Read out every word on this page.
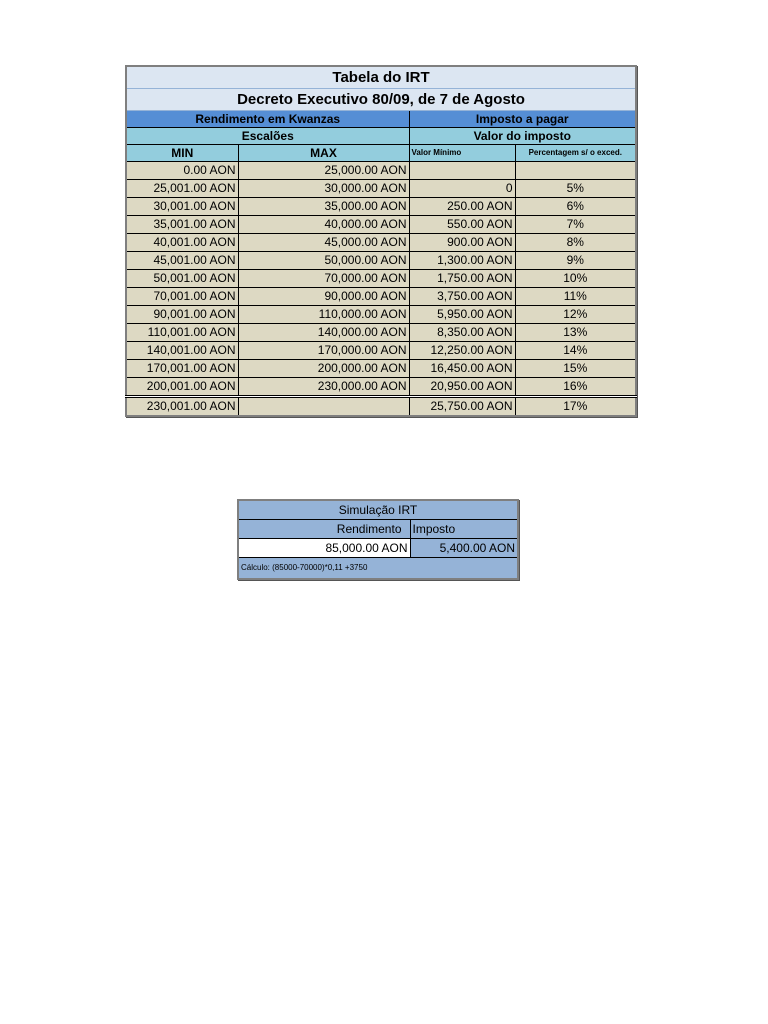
Tabela do IRT			
Decreto Executivo 80/09, de 7 de Agosto			
Rendimento em Kwanzas		Imposto a pagar	
Escalões		Valor do imposto	
MIN	MAX	Valor Mínimo	Percentagem s/ o exced.
0.00 AON	25,000.00 AON		
25,001.00 AON	30,000.00 AON	0	5%
30,001.00 AON	35,000.00 AON	250.00 AON	6%
35,001.00 AON	40,000.00 AON	550.00 AON	7%
40,001.00 AON	45,000.00 AON	900.00 AON	8%
45,001.00 AON	50,000.00 AON	1,300.00 AON	9%
50,001.00 AON	70,000.00 AON	1,750.00 AON	10%
70,001.00 AON	90,000.00 AON	3,750.00 AON	11%
90,001.00 AON	110,000.00 AON	5,950.00 AON	12%
110,001.00 AON	140,000.00 AON	8,350.00 AON	13%
140,001.00 AON	170,000.00 AON	12,250.00 AON	14%
170,001.00 AON	200,000.00 AON	16,450.00 AON	15%
200,001.00 AON	230,000.00 AON	20,950.00 AON	16%
230,001.00 AON		25,750.00 AON	17%
Simulação IRT	
Rendimento	Imposto
85,000.00 AON	5,400.00 AON
Cálculo: (85000-70000)*0,11 +3750	
